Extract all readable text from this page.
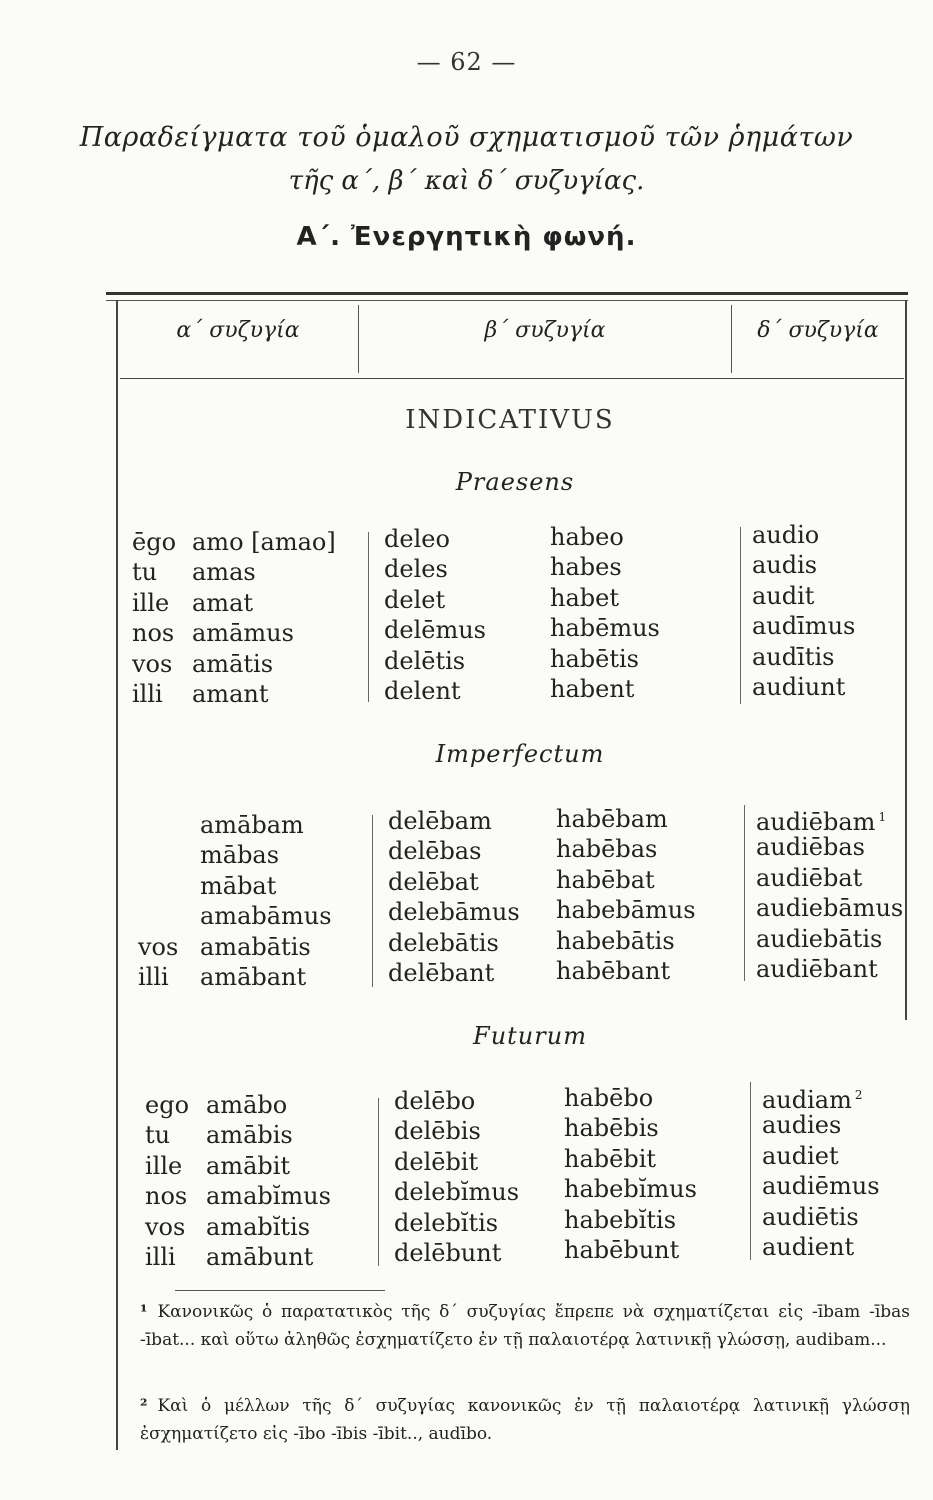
— 62 —
Παραδείγματα τοῦ ὁμαλοῦ σχηματισμοῦ τῶν ῥημάτων
τῆς α΄, β΄ καὶ δ΄ συζυγίας.
Α΄. Ἐνεργητικὴ φωνή.
α΄ συζυγία	β΄ συζυγία	δ΄ συζυγία
INDICATIVUS
Praesens
ēgo
tu
ille
nos
vos
illi
amo [amao]
amas
amat
amāmus
amātis
amant
deleo
deles
delet
delēmus
delētis
delent
habeo
habes
habet
habēmus
habētis
habent
audio
audis
audit
audīmus
audītis
audiunt
Imperfectum
vos
illi
amābam
mābas
mābat
amabāmus
amabātis
amābant
delēbam
delēbas
delēbat
delebāmus
delebātis
delēbant
habēbam
habēbas
habēbat
habebāmus
habebātis
habēbant
audiēbam $^1$
audiēbas
audiēbat
audiebāmus
audiebātis
audiēbant
Futurum
ego
tu
ille
nos
vos
illi
amābo
amābis
amābit
amabĭmus
amabĭtis
amābunt
delēbo
delēbis
delēbit
delebĭmus
delebĭtis
delēbunt
habēbo
habēbis
habēbit
habebĭmus
habebĭtis
habēbunt
audiam $^2$
audies
audiet
audiēmus
audiētis
audient
¹ Κανονικῶς ὁ παρατατικὸς τῆς δ΄ συζυγίας ἔπρεπε νὰ σχηματίζεται εἰς -ībam -ības -ībat... καὶ οὕτω ἀληθῶς ἐσχηματίζετο ἐν τῇ παλαιοτέρᾳ λατινικῇ γλώσσῃ, audibam...
² Καὶ ὁ μέλλων τῆς δ΄ συζυγίας κανονικῶς ἐν τῇ παλαιοτέρᾳ λατινικῇ γλώσσῃ ἐσχηματίζετο εἰς -ībo -ībis -ībit.., audībo.
